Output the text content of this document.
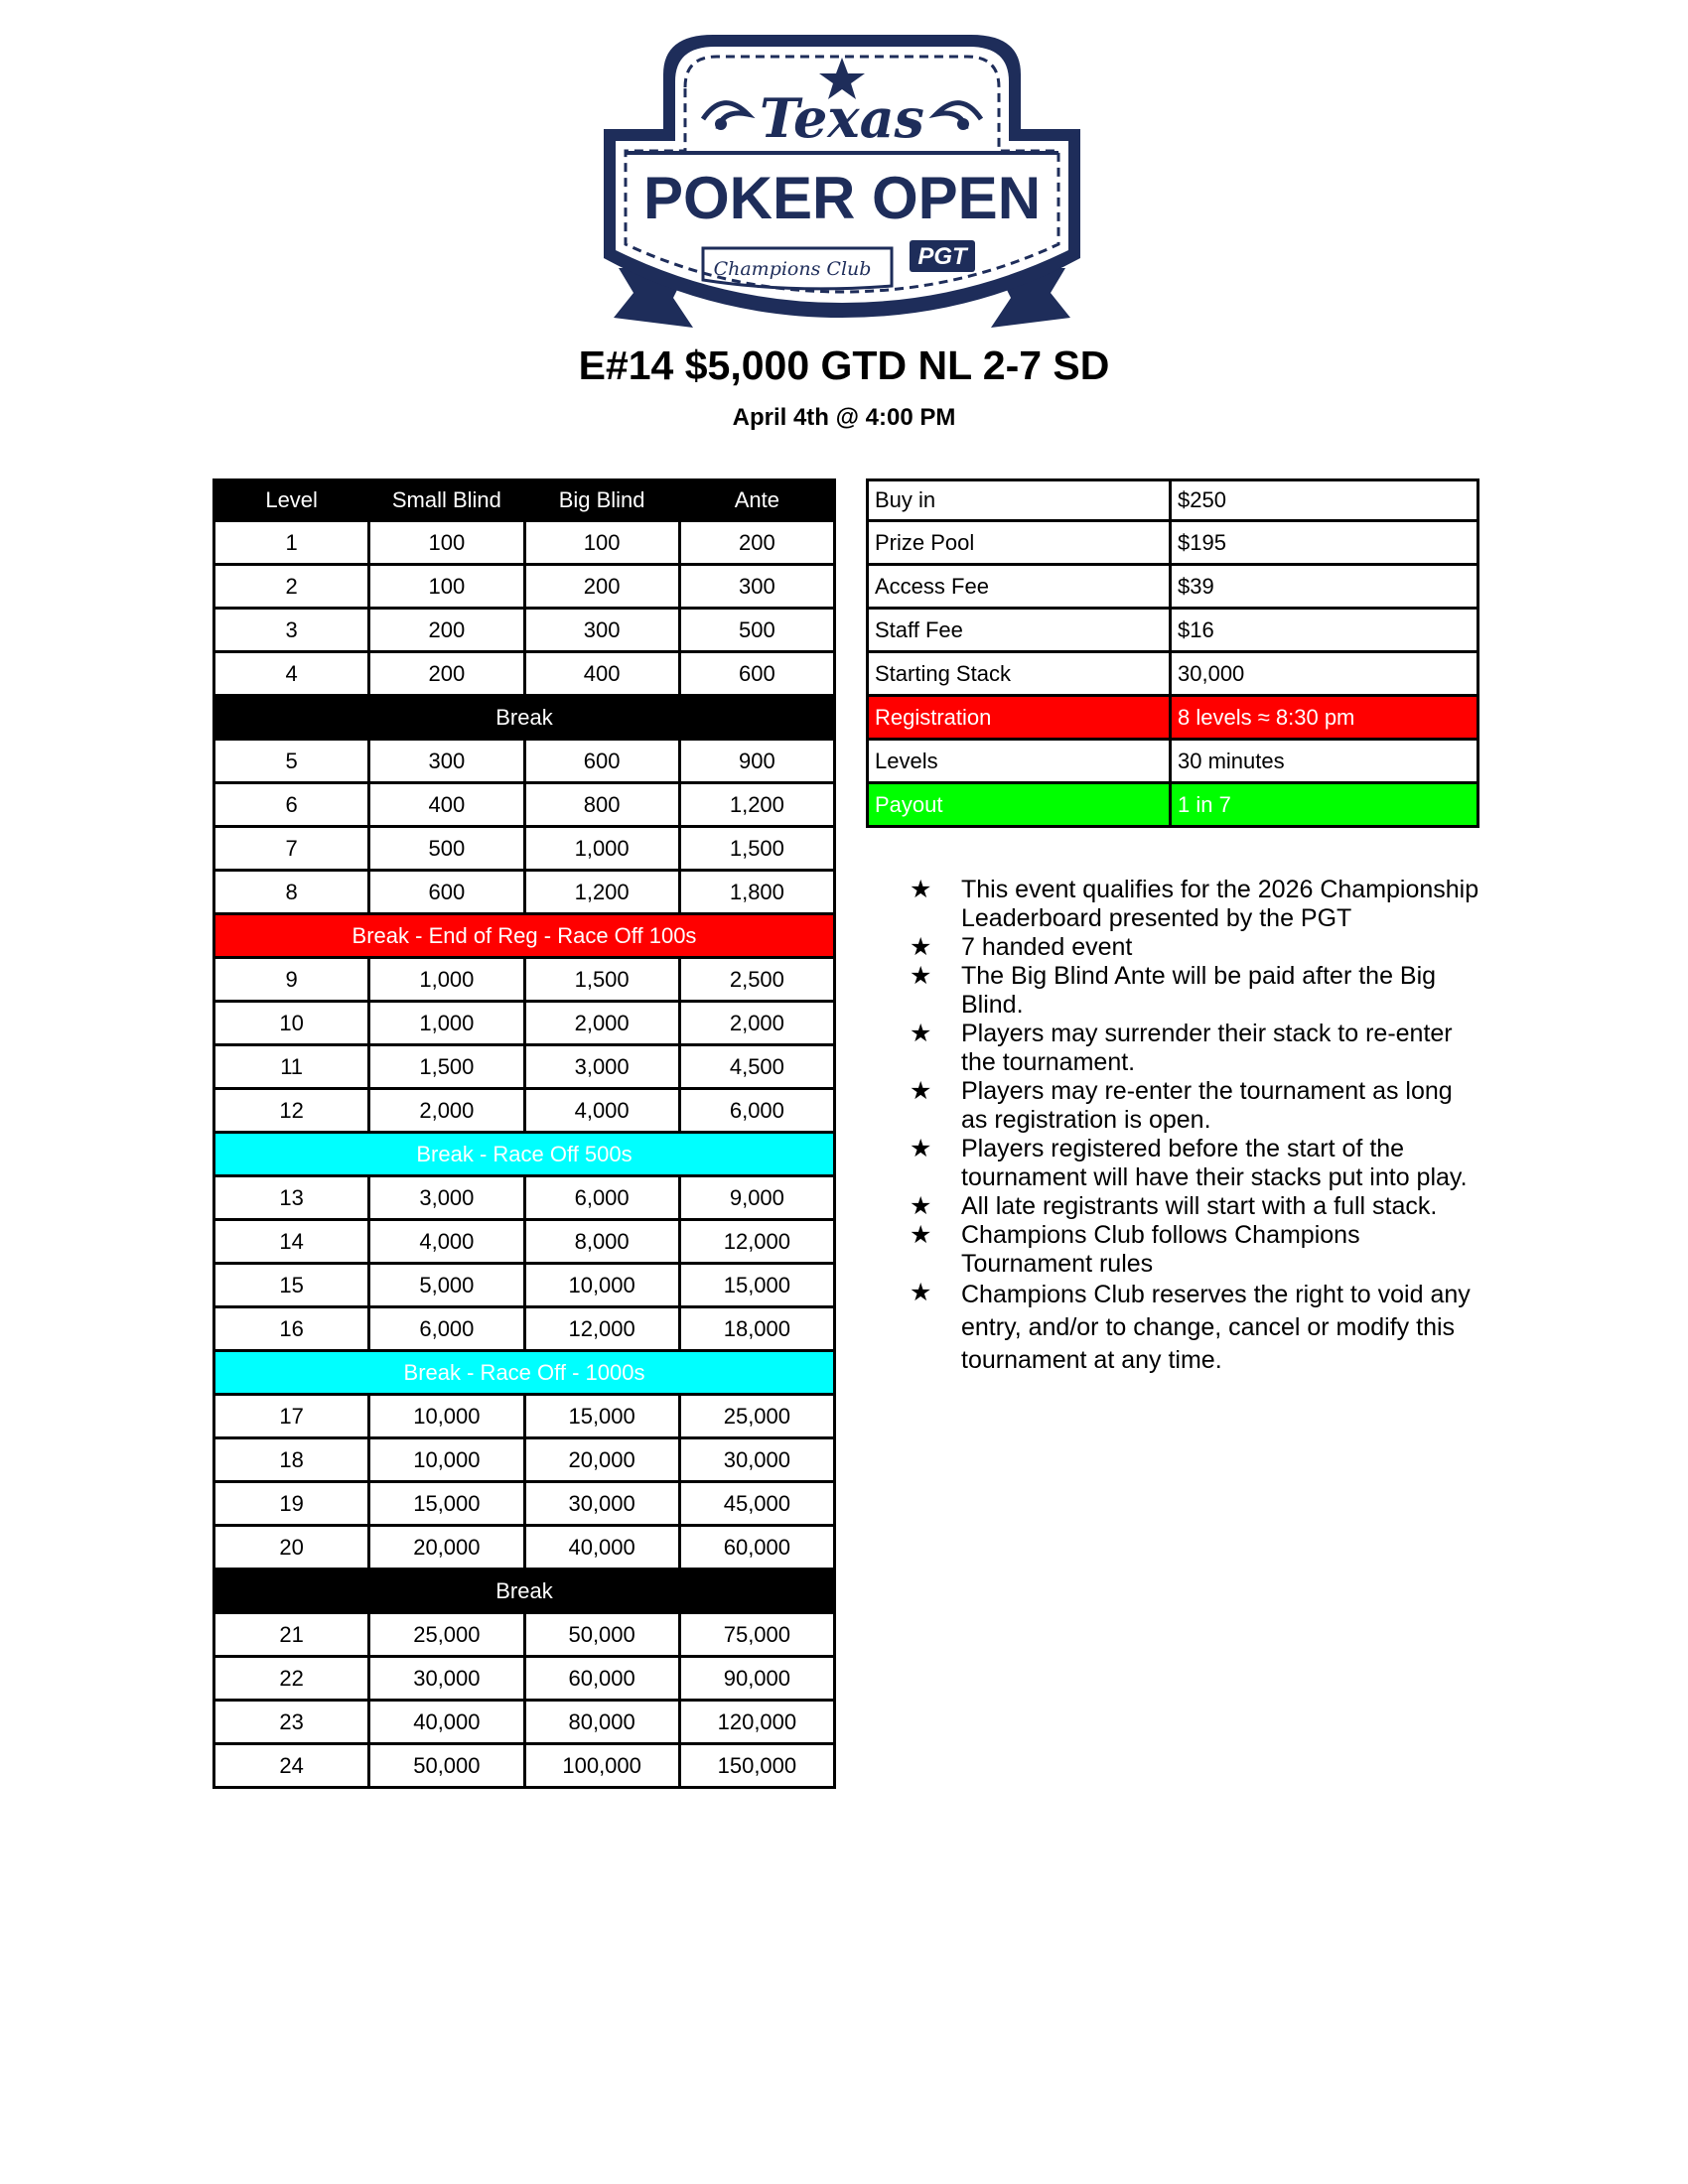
Texas
POKER OPEN
Champions Club PGT
E#14 $5,000 GTD NL 2-7 SD
April 4th @ 4:00 PM
Level	Small Blind	Big Blind	Ante
1	100	100	200
2	100	200	300
3	200	300	500
4	200	400	600
Break
5	300	600	900
6	400	800	1,200
7	500	1,000	1,500
8	600	1,200	1,800
Break - End of Reg - Race Off 100s
9	1,000	1,500	2,500
10	1,000	2,000	2,000
11	1,500	3,000	4,500
12	2,000	4,000	6,000
Break - Race Off 500s
13	3,000	6,000	9,000
14	4,000	8,000	12,000
15	5,000	10,000	15,000
16	6,000	12,000	18,000
Break - Race Off - 1000s
17	10,000	15,000	25,000
18	10,000	20,000	30,000
19	15,000	30,000	45,000
20	20,000	40,000	60,000
Break
21	25,000	50,000	75,000
22	30,000	60,000	90,000
23	40,000	80,000	120,000
24	50,000	100,000	150,000
Buy in	$250
Prize Pool	$195
Access Fee	$39
Staff Fee	$16
Starting Stack	30,000
Registration	8 levels ≈ 8:30 pm
Levels	30 minutes
Payout	1 in 7
★	This event qualifies for the 2026 Championship Leaderboard presented by the PGT
★	7 handed event
★	The Big Blind Ante will be paid after the Big Blind.
★	Players may surrender their stack to re-enter the tournament.
★	Players may re-enter the tournament as long as registration is open.
★	Players registered before the start of the tournament will have their stacks put into play.
★	All late registrants will start with a full stack.
★	Champions Club follows Champions Tournament rules
★	Champions Club reserves the right to void any entry, and/or to change, cancel or modify this tournament at any time.
